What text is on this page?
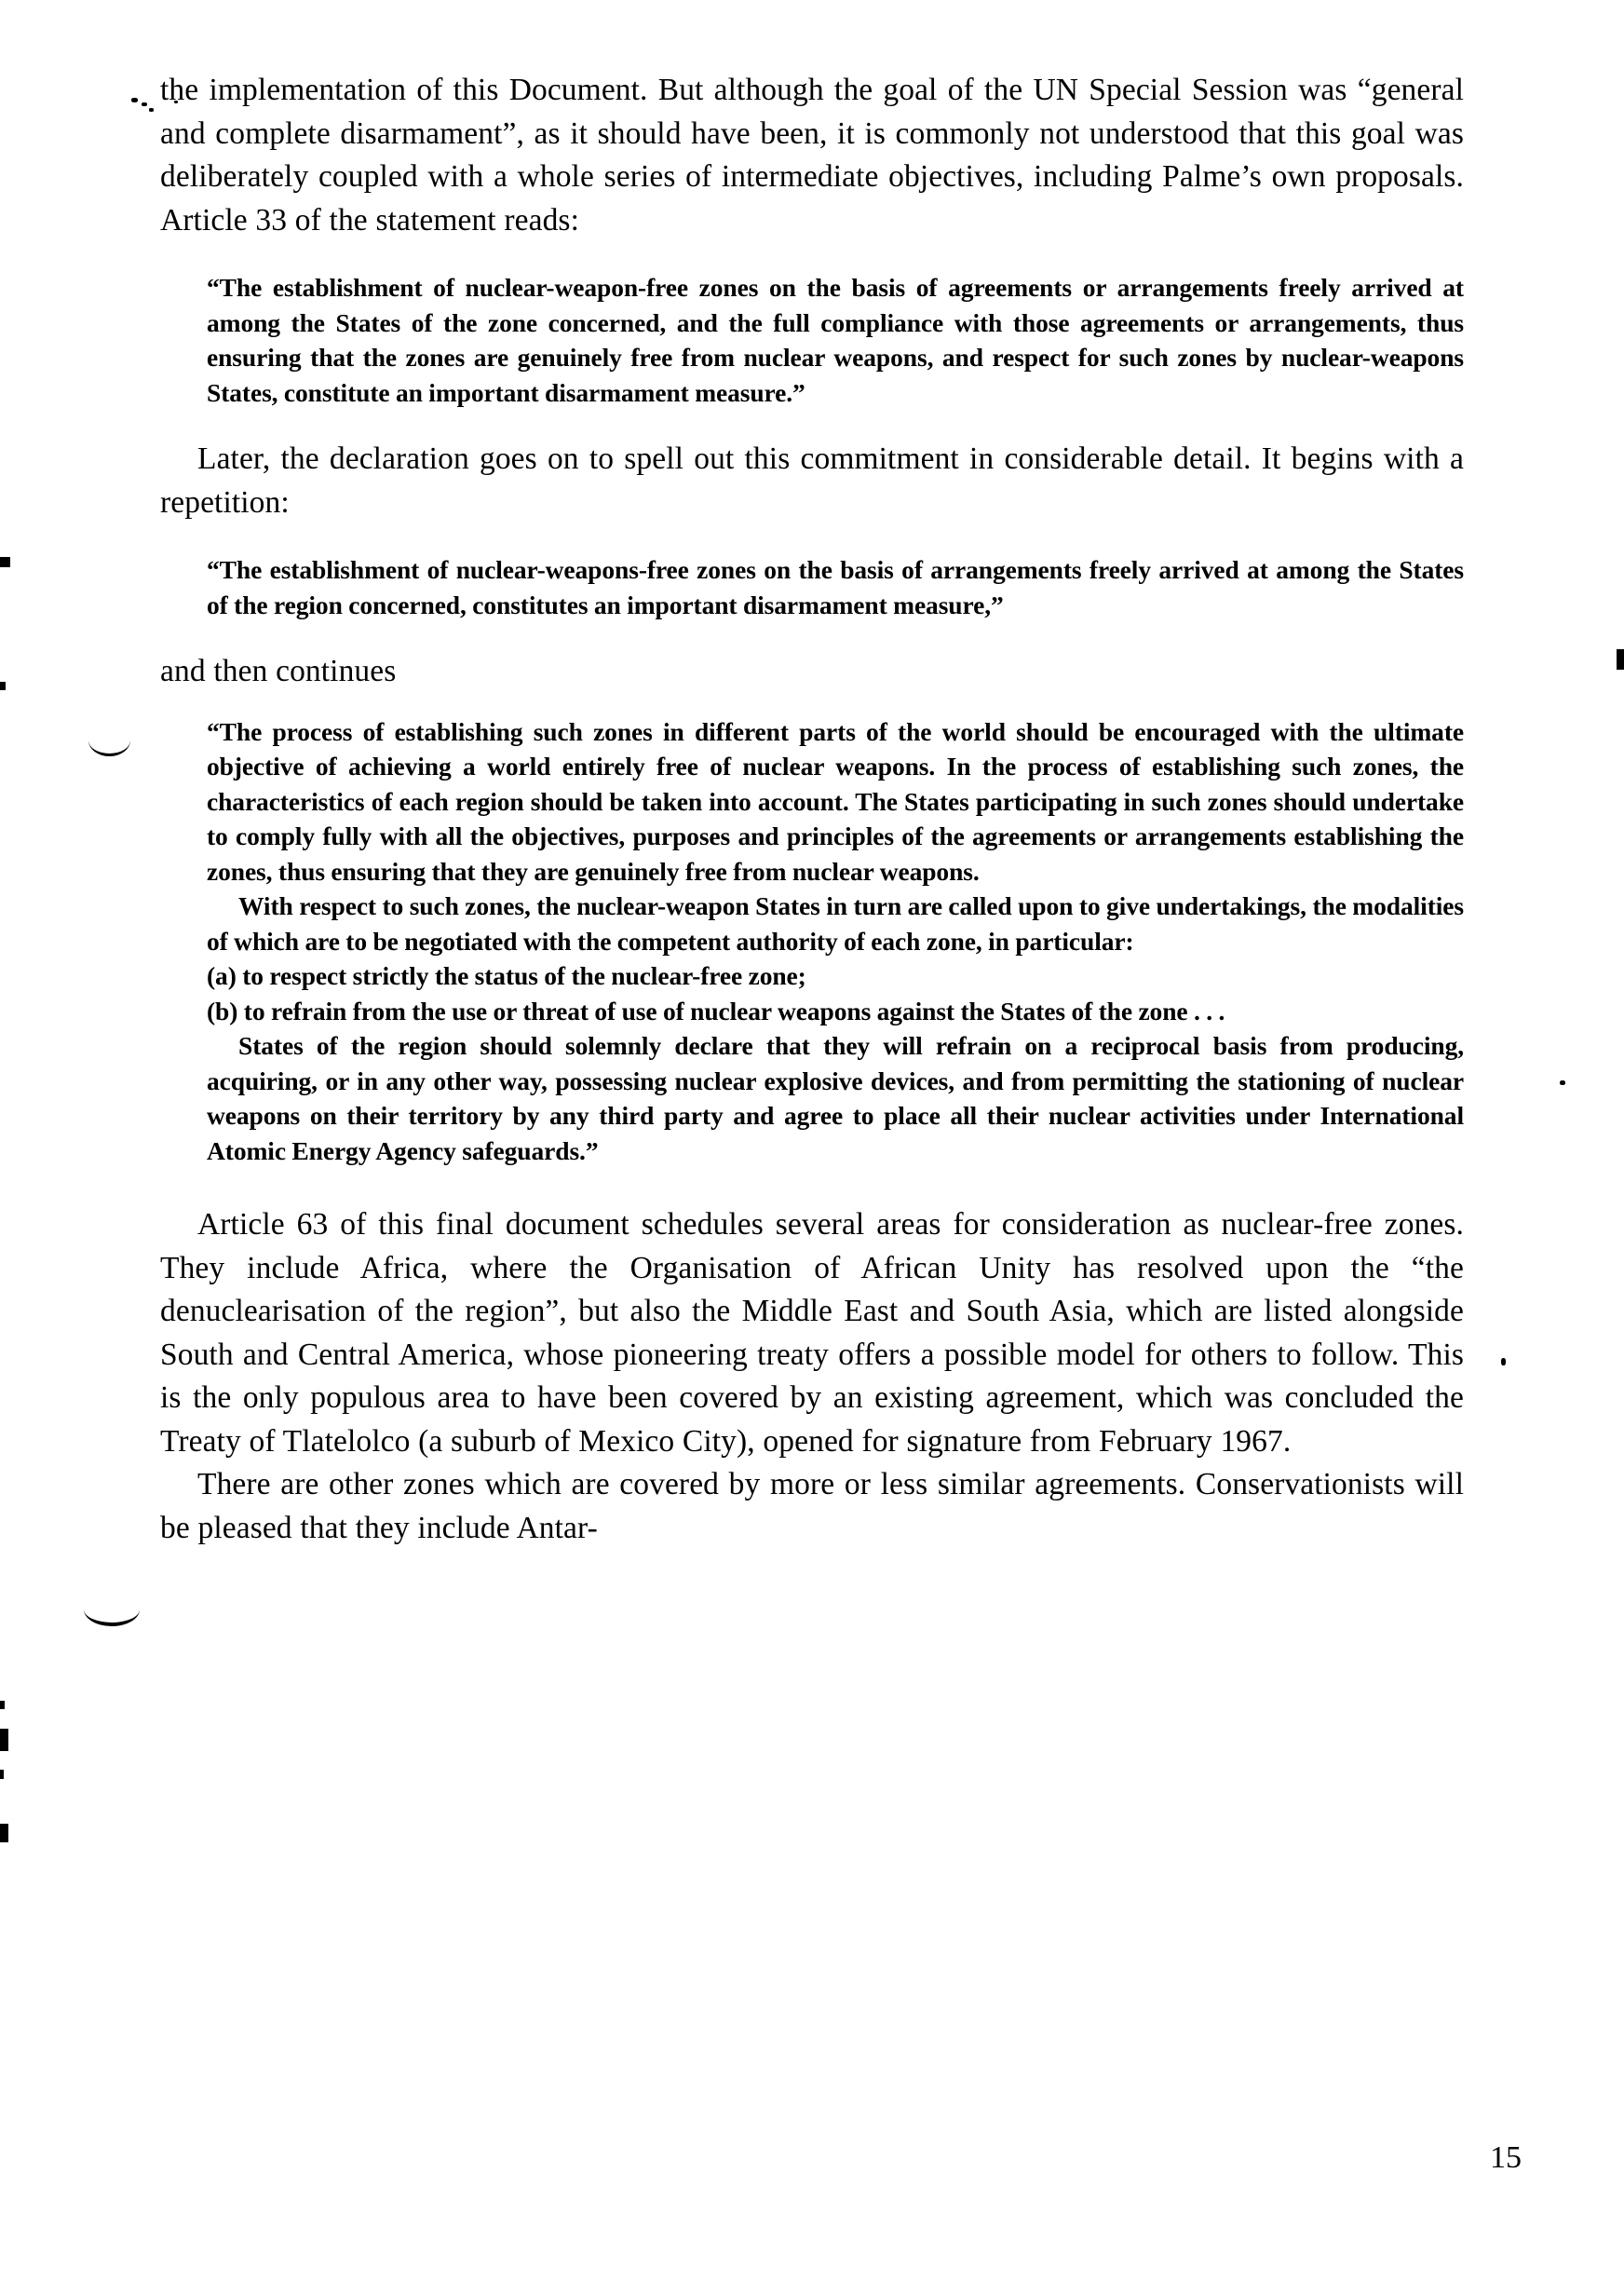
the implementation of this Document. But although the goal of the UN Special Session was “general and complete disarmament”, as it should have been, it is commonly not understood that this goal was deliberately coupled with a whole series of intermediate objectives, including Palme’s own proposals. Article 33 of the statement reads:

“The establishment of nuclear-weapon-free zones on the basis of agreements or arrangements freely arrived at among the States of the zone concerned, and the full compliance with those agreements or arrangements, thus ensuring that the zones are genuinely free from nuclear weapons, and respect for such zones by nuclear-weapons States, constitute an important disarmament measure.”

Later, the declaration goes on to spell out this commitment in considerable detail. It begins with a repetition:

“The establishment of nuclear-weapons-free zones on the basis of arrangements freely arrived at among the States of the region concerned, constitutes an important disarmament measure,”

and then continues

“The process of establishing such zones in different parts of the world should be encouraged with the ultimate objective of achieving a world entirely free of nuclear weapons. In the process of establishing such zones, the characteristics of each region should be taken into account. The States participating in such zones should undertake to comply fully with all the objectives, purposes and principles of the agreements or arrangements establishing the zones, thus ensuring that they are genuinely free from nuclear weapons.

With respect to such zones, the nuclear-weapon States in turn are called upon to give undertakings, the modalities of which are to be negotiated with the competent authority of each zone, in particular:

(a) to respect strictly the status of the nuclear-free zone;

(b) to refrain from the use or threat of use of nuclear weapons against the States of the zone . . .

States of the region should solemnly declare that they will refrain on a reciprocal basis from producing, acquiring, or in any other way, possessing nuclear explosive devices, and from permitting the stationing of nuclear weapons on their territory by any third party and agree to place all their nuclear activities under International Atomic Energy Agency safeguards.”

Article 63 of this final document schedules several areas for consideration as nuclear-free zones. They include Africa, where the Organisation of African Unity has resolved upon the “the denuclearisation of the region”, but also the Middle East and South Asia, which are listed alongside South and Central America, whose pioneering treaty offers a possible model for others to follow. This is the only populous area to have been covered by an existing agreement, which was concluded the Treaty of Tlatelolco (a suburb of Mexico City), opened for signature from February 1967.

There are other zones which are covered by more or less similar agreements. Conservationists will be pleased that they include Antar-

15
